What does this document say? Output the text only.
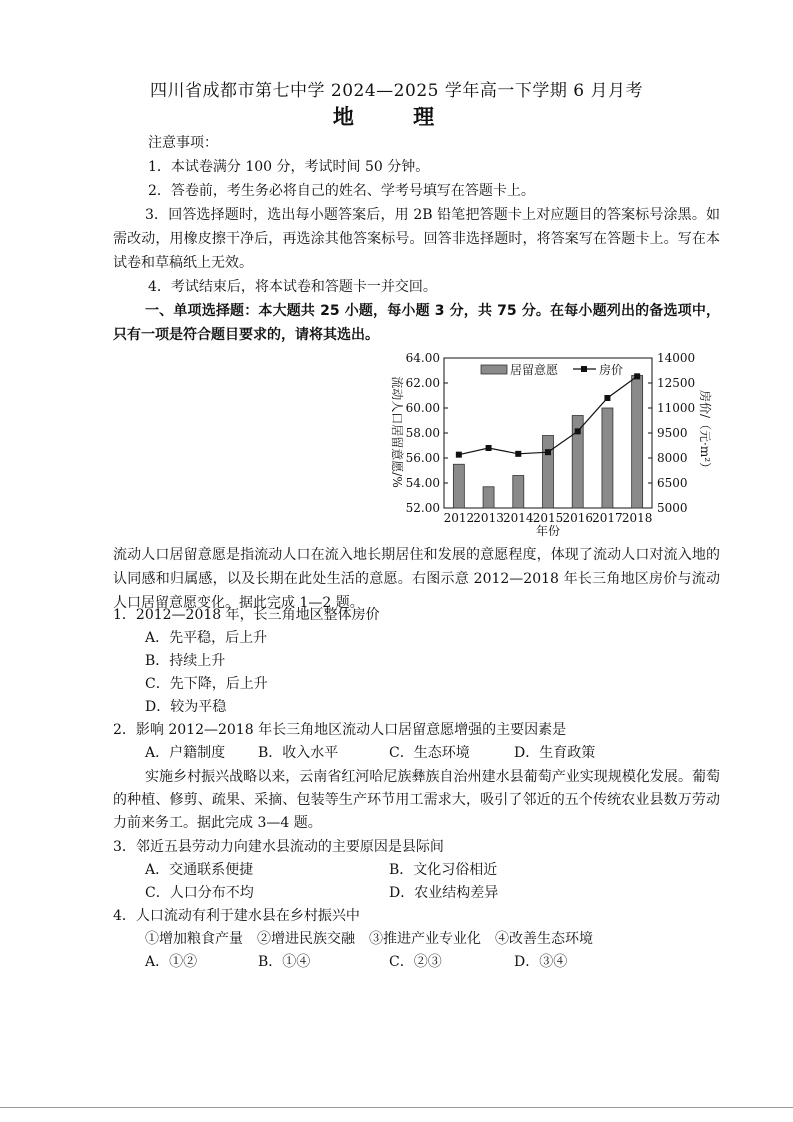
四川省成都市第七中学 2024—2025 学年高一下学期 6 月月考
地 理
注意事项：
1．本试卷满分 100 分，考试时间 50 分钟。
2．答卷前，考生务必将自己的姓名、学考号填写在答题卡上。
3．回答选择题时，选出每小题答案后，用 2B 铅笔把答题卡上对应题目的答案标号涂黑。如需改动，用橡皮擦干净后，再选涂其他答案标号。回答非选择题时，将答案写在答题卡上。写在本试卷和草稿纸上无效。
4．考试结束后，将本试卷和答题卡一并交回。
一、单项选择题：本大题共 25 小题，每小题 3 分，共 75 分。在每小题列出的备选项中，只有一项是符合题目要求的，请将其选出。
52.00
54.00
56.00
58.00
60.00
62.00
64.00
5000
6500
8000
9500
11000
12500
14000
2012 2013 2014 2015 2016 2017 2018
居留意愿	房价
流动人口居留意愿/%	房价/（元·m²）
年份
流动人口居留意愿是指流动人口在流入地长期居住和发展的意愿程度，体现了流动人口对流入地的认同感和归属感，以及长期在此处生活的意愿。右图示意 2012—2018 年长三角地区房价与流动人口居留意愿变化。据此完成 1—2 题。
1．2012—2018 年，长三角地区整体房价
A．先平稳，后上升
B．持续上升
C．先下降，后上升
D．较为平稳
2．影响 2012—2018 年长三角地区流动人口居留意愿增强的主要因素是
A．户籍制度 B．收入水平	C．生态环境	D．生育政策
实施乡村振兴战略以来，云南省红河哈尼族彝族自治州建水县葡萄产业实现规模化发展。葡萄的种植、修剪、疏果、采摘、包装等生产环节用工需求大，吸引了邻近的五个传统农业县数万劳动力前来务工。据此完成 3—4 题。
3．邻近五县劳动力向建水县流动的主要原因是县际间
A．交通联系便捷	B．文化习俗相近
C．人口分布不均	D．农业结构差异
4．人口流动有利于建水县在乡村振兴中
①增加粮食产量　②增进民族交融　③推进产业专业化　④改善生态环境
A．①②	B．①④	C．②③	D．③④
